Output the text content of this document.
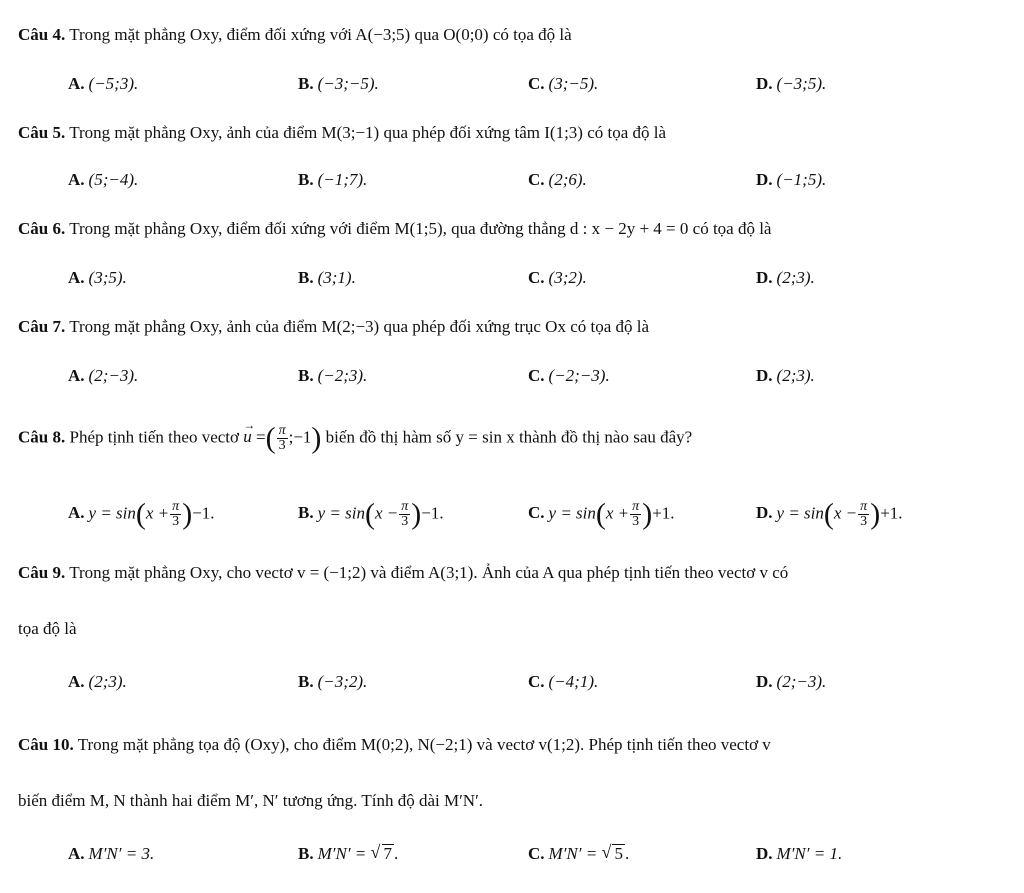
Câu 4. Trong mặt phẳng Oxy, điểm đối xứng với A(−3;5) qua O(0;0) có tọa độ là
A. (−5;3).	B. (−3;−5).	C. (3;−5).	D. (−3;5).
Câu 5. Trong mặt phẳng Oxy, ảnh của điểm M(3;−1) qua phép đối xứng tâm I(1;3) có tọa độ là
A. (5;−4).	B. (−1;7).	C. (2;6).	D. (−1;5).
Câu 6. Trong mặt phẳng Oxy, điểm đối xứng với điểm M(1;5), qua đường thẳng d : x − 2y + 4 = 0 có tọa độ là
A. (3;5).	B. (3;1).	C. (3;2).	D. (2;3).
Câu 7. Trong mặt phẳng Oxy, ảnh của điểm M(2;−3) qua phép đối xứng trục Ox có tọa độ là
A. (2;−3).	B. (−2;3).	C. (−2;−3).	D. (2;3).
Câu 8. Phép tịnh tiến theo vectơ → u =( $\frac{\pi}{3}$ ;−1) biến đồ thị hàm số y = sin x thành đồ thị nào sau đây?
A. $y = \sin(x + \frac{\pi}{3} )-1$.	B. $y = \sin(x - \frac{\pi}{3} )-1$.	C. $y = \sin(x + \frac{\pi}{3} )+1$.	D. $y = \sin(x - \frac{\pi}{3} )+1$.
Câu 9. Trong mặt phẳng Oxy, cho vectơ v = (−1;2) và điểm A(3;1). Ảnh của A qua phép tịnh tiến theo vectơ v có
tọa độ là
A. (2;3).	B. (−3;2).	C. (−4;1).	D. (2;−3).
Câu 10. Trong mặt phẳng tọa độ (Oxy), cho điểm M(0;2), N(−2;1) và vectơ v(1;2). Phép tịnh tiến theo vectơ v
biến điểm M, N thành hai điểm M′, N′ tương ứng. Tính độ dài M′N′.
A. M′N′ = 3.	B. M′N′ = √ 7 .	C. M′N′ = √ 5 .	D. M′N′ = 1.
